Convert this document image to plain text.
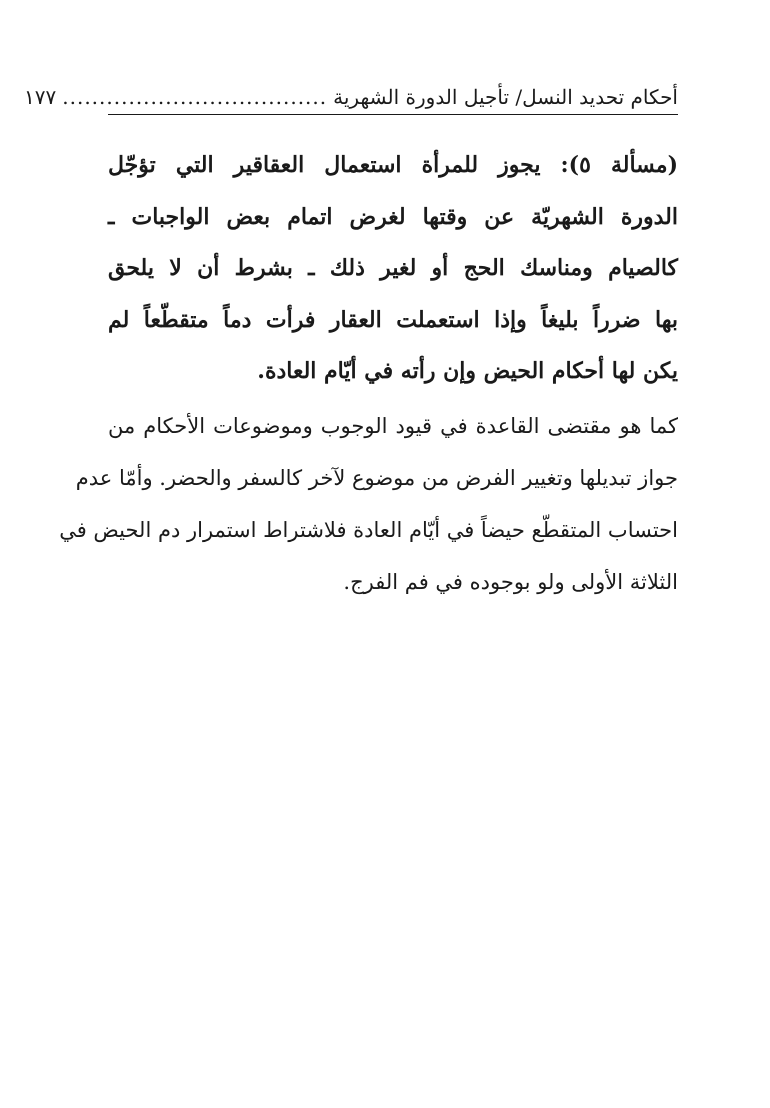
أحكام تحديد النسل/ تأجيل الدورة الشهرية
....................................
١٧٧
(مسألة ٥): يجوز للمرأة استعمال العقاقير التي تؤجّل
الدورة الشهريّة عن وقتها لغرض اتمام بعض الواجبات ـ
كالصيام ومناسك الحج أو لغير ذلك ـ بشرط أن لا يلحق
بها ضرراً بليغاً وإذا استعملت العقار فرأت دماً متقطّعاً لم
يكن لها أحكام الحيض وإن رأته في أيّام العادة.
كما هو مقتضى القاعدة في قيود الوجوب وموضوعات الأحكام من
جواز تبديلها وتغيير الفرض من موضوع لآخر كالسفر والحضر. وأمّا عدم
احتساب المتقطّع حيضاً في أيّام العادة فلاشتراط استمرار دم الحيض في
الثلاثة الأولى ولو بوجوده في فم الفرج.
